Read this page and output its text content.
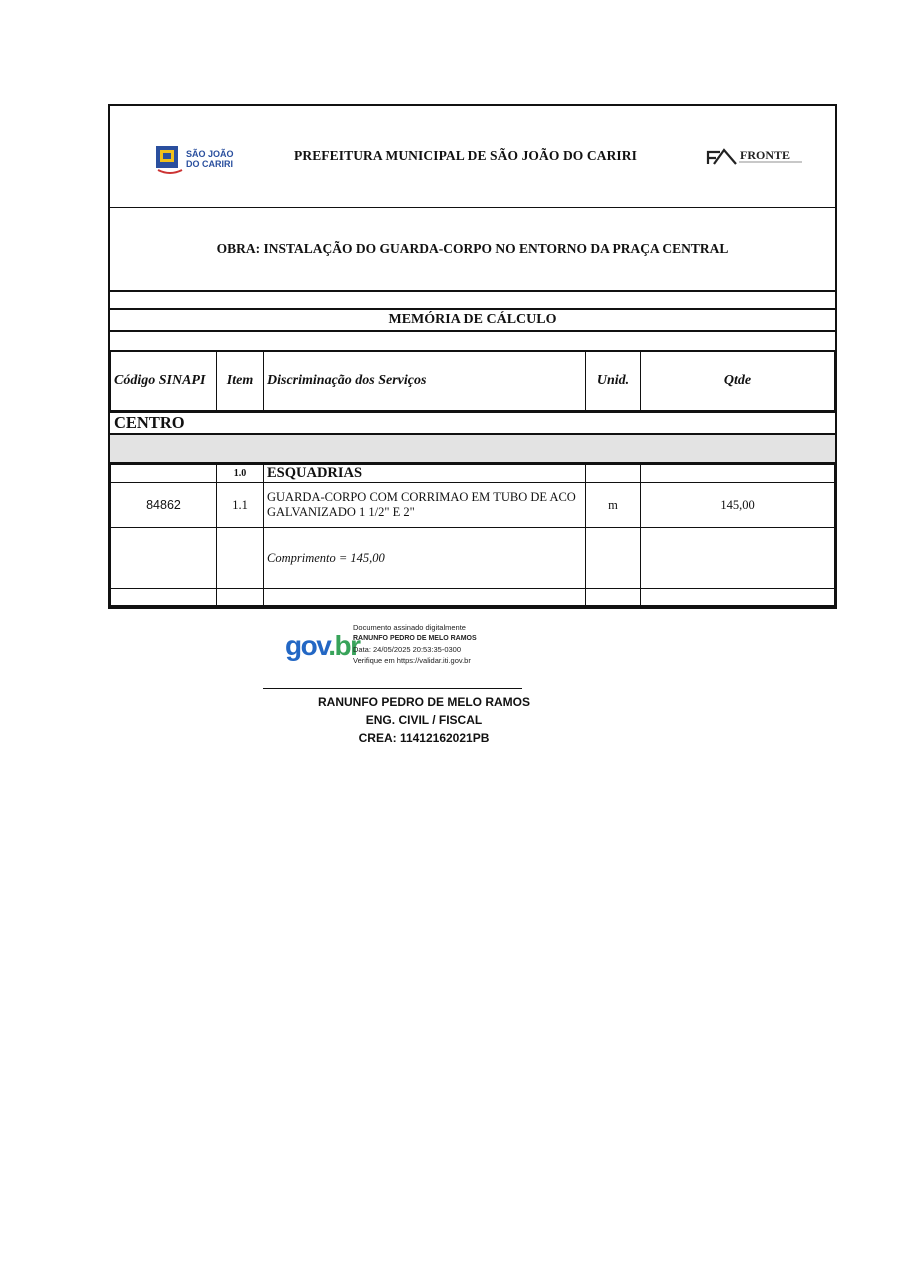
SÃO JOÃO
DO CARIRI
PREFEITURA MUNICIPAL DE SÃO JOÃO DO CARIRI	FRONTE
OBRA: INSTALAÇÃO DO GUARDA-CORPO NO ENTORNO DA PRAÇA CENTRAL
MEMÓRIA DE CÁLCULO
Código SINAPI	Item	Discriminação dos Serviços	Unid.	Qtde
CENTRO
	1.0	ESQUADRIAS		
84862	1.1	GUARDA-CORPO COM CORRIMAO EM TUBO DE ACO GALVANIZADO 1 1/2" E 2"	m	145,00
		Comprimento = 145,00		

gov.br
Documento assinado digitalmente
RANUNFO PEDRO DE MELO RAMOS
Data: 24/05/2025 20:53:35-0300
Verifique em https://validar.iti.gov.br
RANUNFO PEDRO DE MELO RAMOS
ENG. CIVIL / FISCAL
CREA: 11412162021PB
